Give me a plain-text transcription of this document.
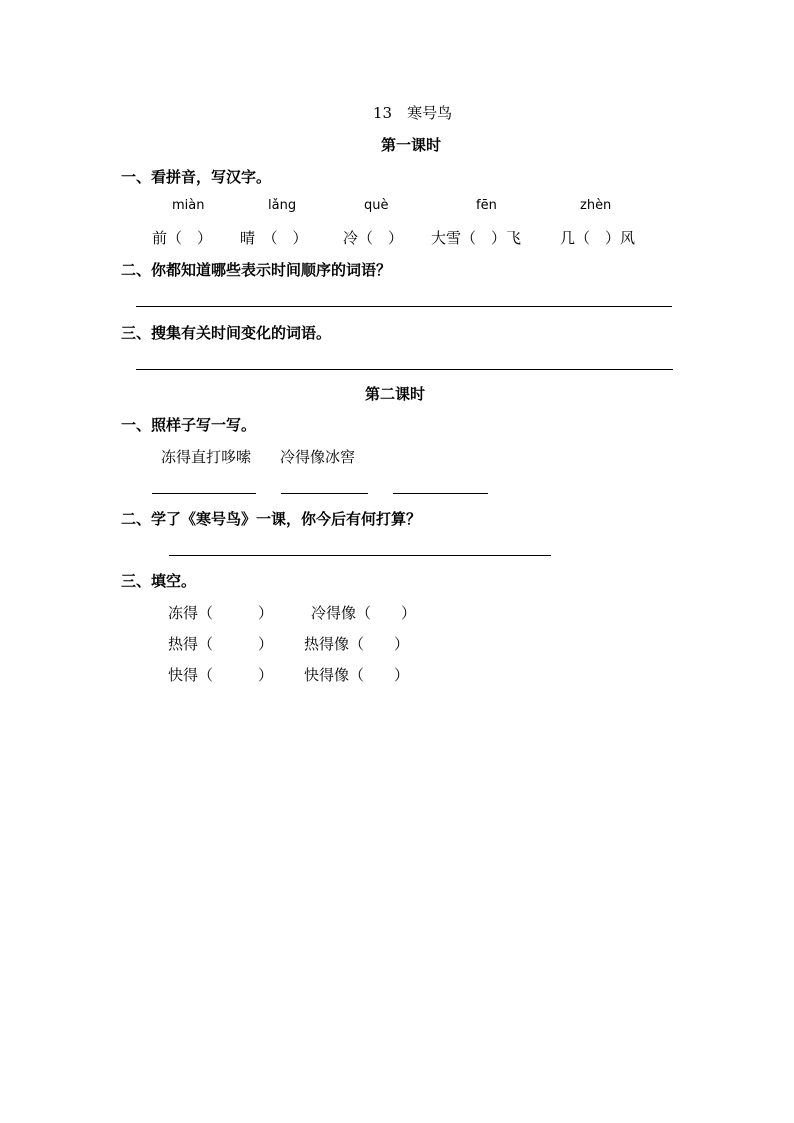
13　寒号鸟
第一课时
一、看拼音，写汉字。
miàn	lǎng	què	fēn	zhèn
前（　） 晴　（　） 冷（　） 大雪（　）飞	几（　）风
二、你都知道哪些表示时间顺序的词语？
三、搜集有关时间变化的词语。
第二课时
一、照样子写一写。
冻得直打哆嗦 冷得像冰窖
二、学了《寒号鸟》一课，你今后有何打算？
三、填空。
冻得（　　　）	冷得像（　　）
热得（　　　） 热得像（　　）
快得（　　　） 快得像（　　）
